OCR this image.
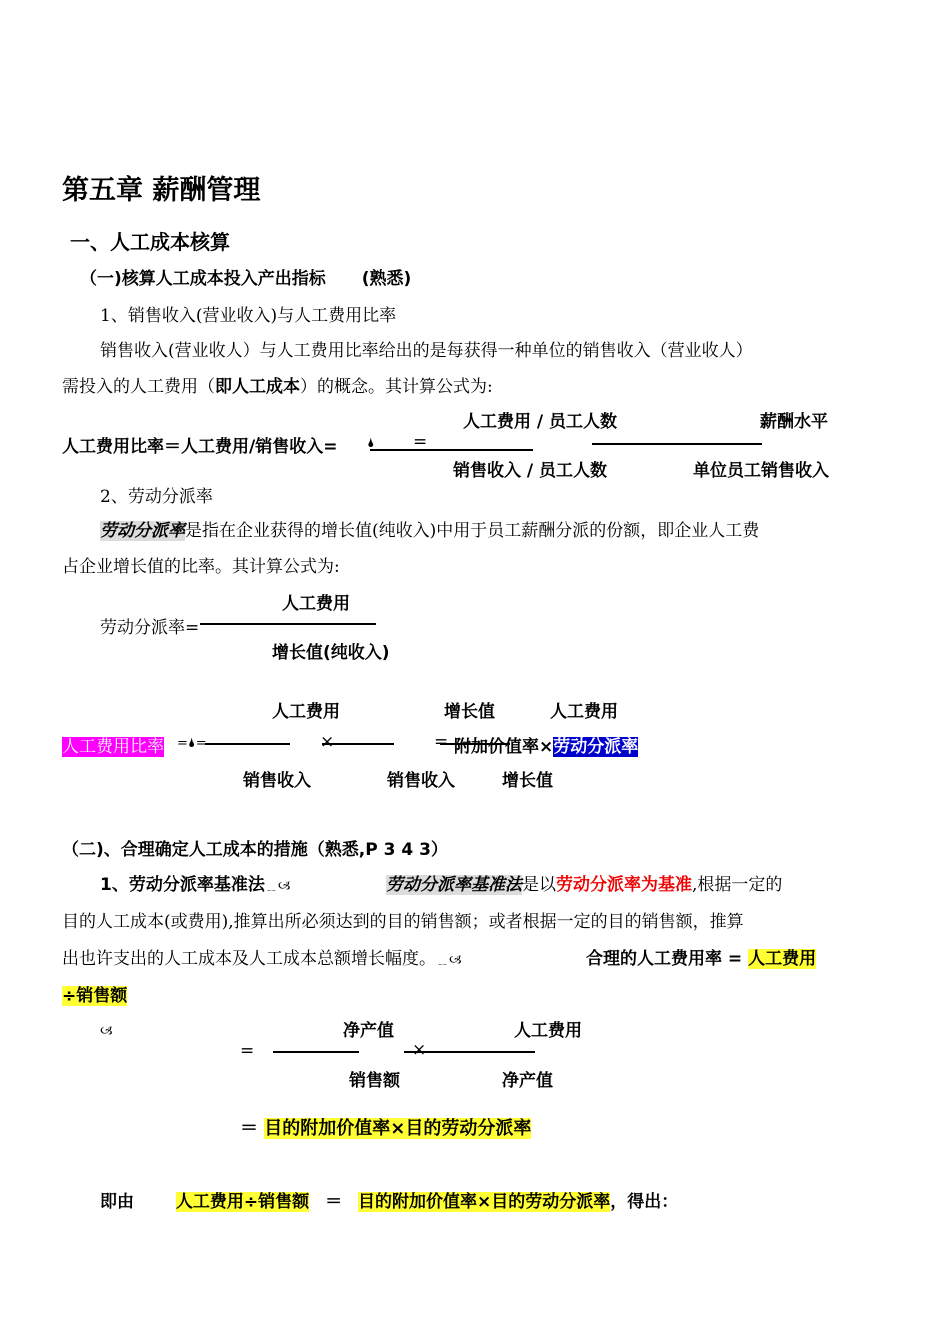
第五章 薪酬管理
一、人工成本核算
（一)核算人工成本投入产出指标 (熟悉)
1、销售收入(营业收入)与人工费用比率
销售收入(营业收人）与人工费用比率给出的是每获得一种单位的销售收入（营业收人）
需投入的人工费用（即人工成本）的概念。其计算公式为:
人工费用 / 员工人数	薪酬水平
人工费用比率＝人工费用/销售收入= 🌢 =
销售收入 / 员工人数	单位员工销售收入
2、劳动分派率
劳动分派率是指在企业获得的增长值(纯收入)中用于员工薪酬分派的份额，即企业人工费
占企业增长值的比率。其计算公式为:
人工费用
劳动分派率=
增长值(纯收入)
人工费用	增长值	人工费用
人工费用比率 =🌢=	×	= 附加价值率×劳动分派率
销售收入	销售收入	增长值
（二)、合理确定人工成本的措施（熟悉,P 3 4 3）
1、劳动分派率基准法﹎🙢	劳动分派率基准法是以劳动分派率为基准,根据一定的
目的人工成本(或费用),推算出所必须达到的目的销售额；或者根据一定的目的销售额，推算
出也许支出的人工成本及人工成本总额增长幅度。﹎🙢	合理的人工费用率 = 人工费用
÷销售额
🙢	净产值	人工费用
=	×
销售额	净产值
＝ 目的附加价值率×目的劳动分派率
即由 人工费用÷销售额 ＝ 目的附加价值率×目的劳动分派率，得出：
